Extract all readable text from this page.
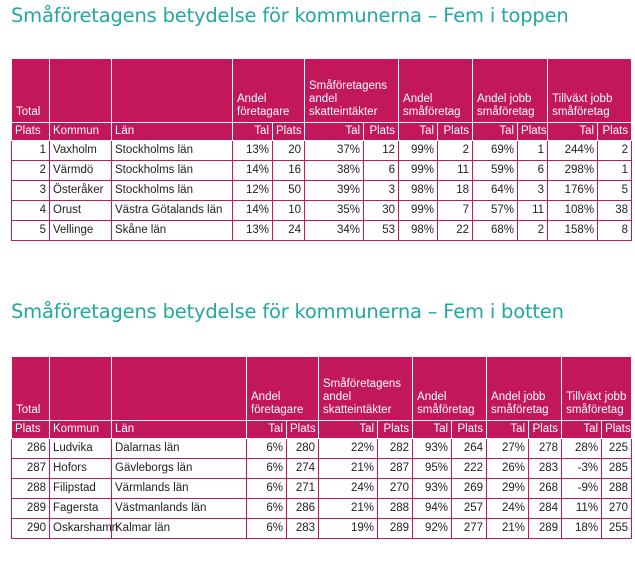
Småföretagens betydelse för kommunerna – Fem i toppen
Total			Andel företagare		Småföretagens andel skatteintäkter		Andel småföretag		Andel jobb småföretag		Tillväxt jobb småföretag	
Plats	Kommun	Län	Tal	Plats	Tal	Plats	Tal	Plats	Tal	Plats	Tal	Plats
1	Vaxholm	Stockholms län	13%	20	37%	12	99%	2	69%	1	244%	2
2	Värmdö	Stockholms län	14%	16	38%	6	99%	11	59%	6	298%	1
3	Österåker	Stockholms län	12%	50	39%	3	98%	18	64%	3	176%	5
4	Orust	Västra Götalands län	14%	10	35%	30	99%	7	57%	11	108%	38
5	Vellinge	Skåne län	13%	24	34%	53	98%	22	68%	2	158%	8
Småföretagens betydelse för kommunerna – Fem i botten
Total			Andel företagare		Småföretagens andel skatteintäkter		Andel småföretag		Andel jobb småföretag		Tillväxt jobb småföretag	
Plats	Kommun	Län	Tal	Plats	Tal	Plats	Tal	Plats	Tal	Plats	Tal	Plats
286	Ludvika	Dalarnas län	6%	280	22%	282	93%	264	27%	278	28%	225
287	Hofors	Gävleborgs län	6%	274	21%	287	95%	222	26%	283	-3%	285
288	Filipstad	Värmlands län	6%	271	24%	270	93%	269	29%	268	-9%	288
289	Fagersta	Västmanlands län	6%	286	21%	288	94%	257	24%	284	11%	270
290	Oskarshamn	Kalmar län	6%	283	19%	289	92%	277	21%	289	18%	255
